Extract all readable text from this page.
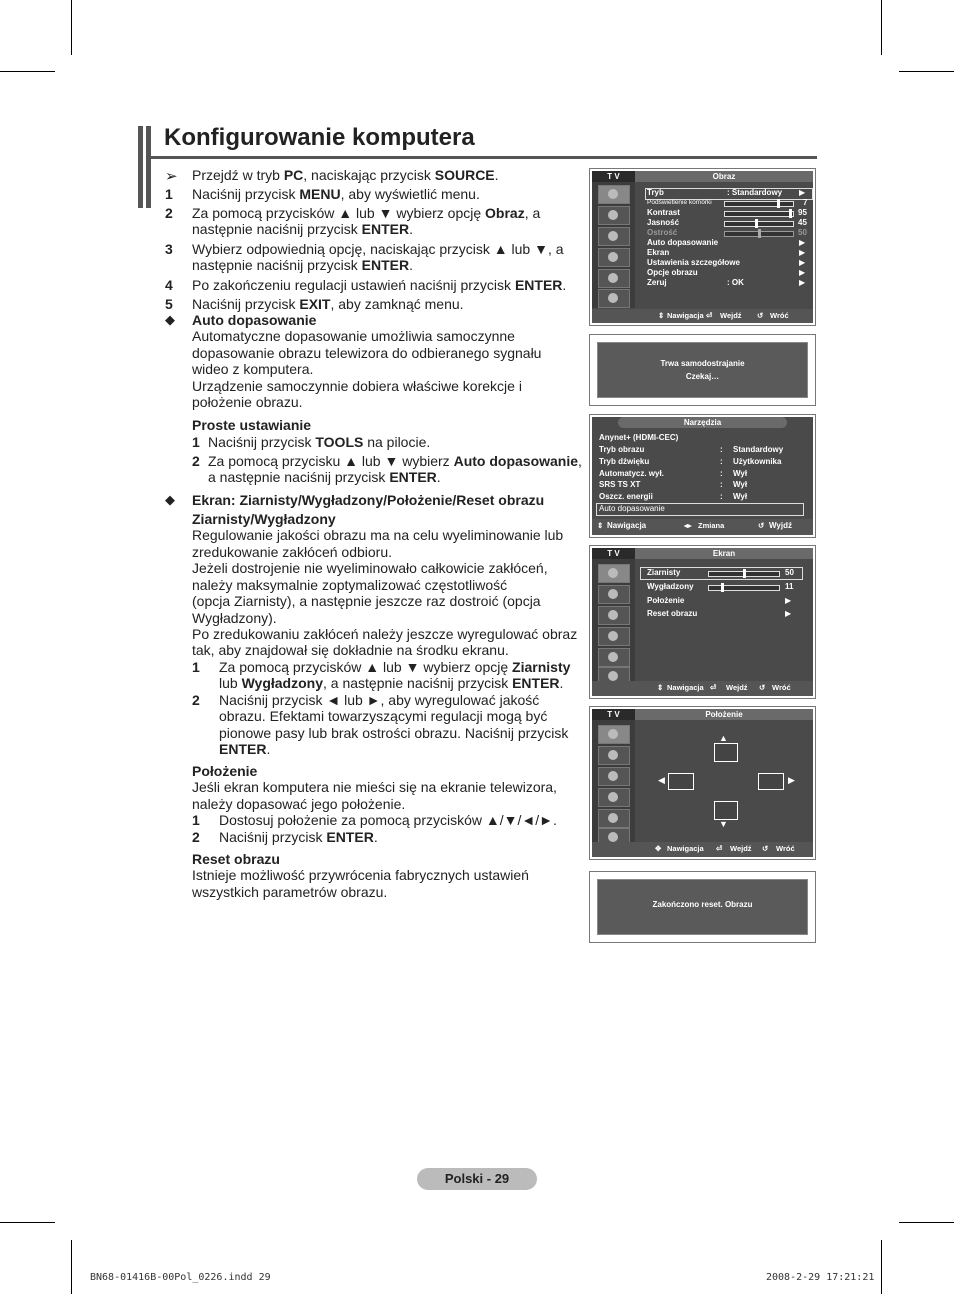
Konfigurowanie komputera
➢ Przejdź w tryb PC, naciskając przycisk SOURCE.
1 Naciśnij przycisk MENU, aby wyświetlić menu.
2 Za pomocą przycisków ▲ lub ▼ wybierz opcję Obraz, a
następnie naciśnij przycisk ENTER.
3 Wybierz odpowiednią opcję, naciskając przycisk ▲ lub ▼, a
następnie naciśnij przycisk ENTER.
4 Po zakończeniu regulacji ustawień naciśnij przycisk ENTER.
5 Naciśnij przycisk EXIT, aby zamknąć menu.
◆ Auto dopasowanie
Automatyczne dopasowanie umożliwia samoczynne
dopasowanie obrazu telewizora do odbieranego sygnału
wideo z komputera.
Urządzenie samoczynnie dobiera właściwe korekcje i
położenie obrazu.
Proste ustawianie
1 Naciśnij przycisk TOOLS na pilocie.
2 Za pomocą przycisku ▲ lub ▼ wybierz Auto dopasowanie,
a następnie naciśnij przycisk ENTER.
◆ Ekran: Ziarnisty/Wygładzony/Położenie/Reset obrazu
Ziarnisty/Wygładzony
Regulowanie jakości obrazu ma na celu wyeliminowanie lub
zredukowanie zakłóceń odbioru.
Jeżeli dostrojenie nie wyeliminowało całkowicie zakłóceń,
należy maksymalnie zoptymalizować częstotliwość
(opcja Ziarnisty), a następnie jeszcze raz dostroić (opcja
Wygładzony).
Po zredukowaniu zakłóceń należy jeszcze wyregulować obraz
tak, aby znajdował się dokładnie na środku ekranu.
1 Za pomocą przycisków ▲ lub ▼ wybierz opcję Ziarnisty
lub Wygładzony, a następnie naciśnij przycisk ENTER.
2 Naciśnij przycisk ◄ lub ►, aby wyregulować jakość
obrazu. Efektami towarzyszącymi regulacji mogą być
pionowe pasy lub brak ostrości obrazu. Naciśnij przycisk
ENTER.
Położenie
Jeśli ekran komputera nie mieści się na ekranie telewizora,
należy dopasować jego położenie.
1 Dostosuj położenie za pomocą przycisków ▲/▼/◄/►.
2 Naciśnij przycisk ENTER.
Reset obrazu
Istnieje możliwość przywrócenia fabrycznych ustawień
wszystkich parametrów obrazu.
T V	Obraz
Tryb	: Standardowy ▶
Podświetlenie komórki	7
Kontrast	95
Jasność	45
Ostrość	50
Auto dopasowanie	▶
Ekran	▶
Ustawienia szczegółowe	▶
Opcje obrazu	▶
Zeruj	: OK	▶
⇕ Nawigacja ⏎ Wejdź ↺ Wróć
Trwa samodostrajanie
Czekaj…
Narzędzia
Anynet+ (HDMI-CEC)
Tryb obrazu	: Standardowy
Tryb dźwięku	: Użytkownika
Automatycz. wył.	: Wył
SRS TS XT	: Wył
Oszcz. energii	: Wył
Auto dopasowanie
⇕ Nawigacja	◂▸ Zmiana	↺ Wyjdź
T V	Ekran
Ziarnisty	50
Wygładzony	11
Położenie	▶
Reset obrazu	▶
⇕ Nawigacja ⏎ Wejdź ↺ Wróć
T V	Położenie
▲
◀	▶
▼
✥ Nawigacja ⏎ Wejdź ↺ Wróć
Zakończono reset. Obrazu
Polski - 29
BN68-01416B-00Pol_0226.indd 29	2008-2-29 17:21:21
